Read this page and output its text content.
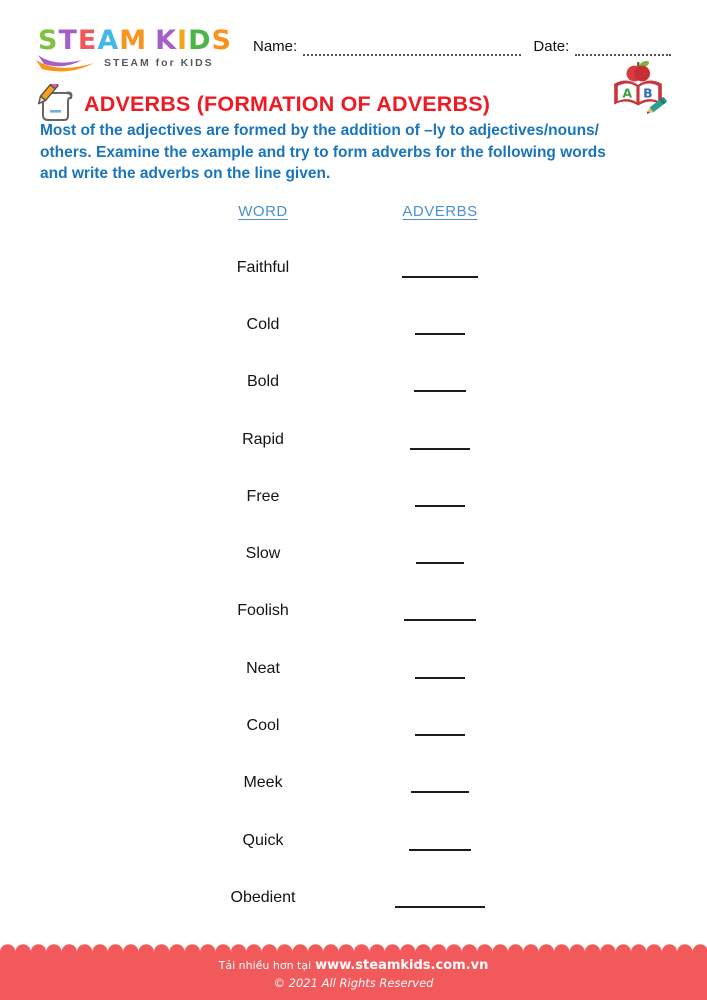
STEAM KIDS
STEAM for KIDS
Name:	Date:
A B
ADVERBS (FORMATION OF ADVERBS)
Most of the adjectives are formed by the addition of –ly to adjectives/nouns/
others. Examine the example and try to form adverbs for the following words
and write the adverbs on the line given.
WORD	ADVERBS
Faithful
Cold
Bold
Rapid
Free
Slow
Foolish
Neat
Cool
Meek
Quick
Obedient
Tải nhiều hơn tại www.steamkids.com.vn
© 2021 All Rights Reserved
